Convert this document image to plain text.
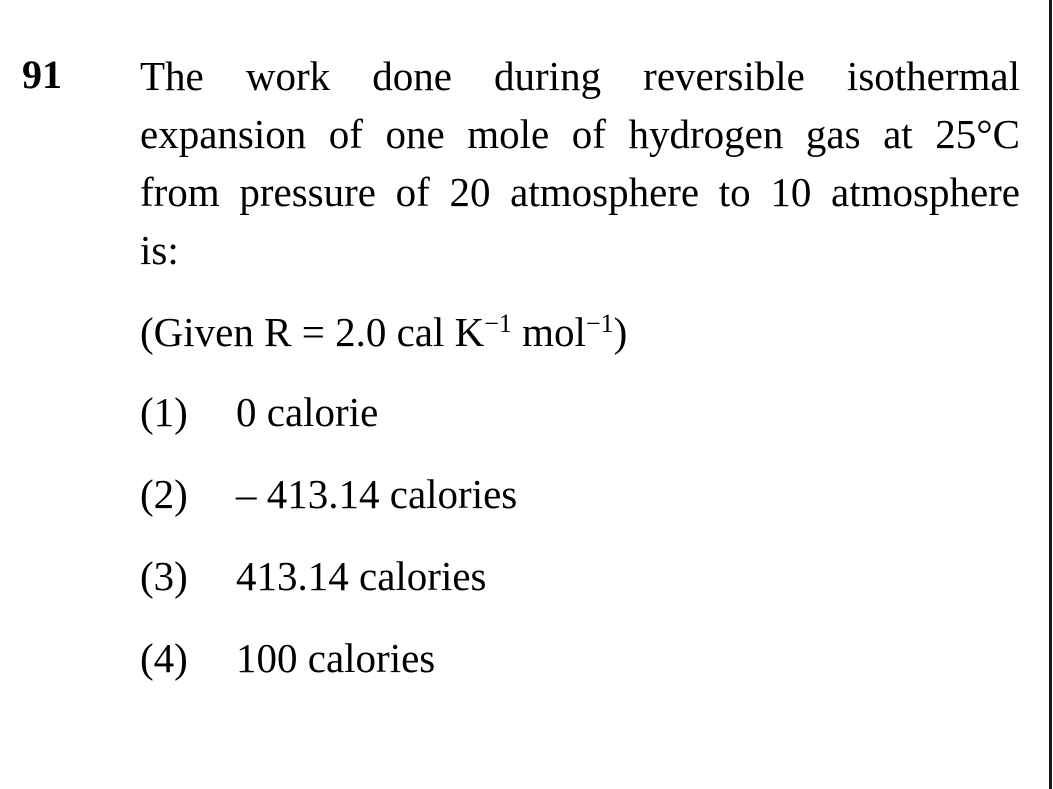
91 The work done during reversible isothermal
expansion of one mole of hydrogen gas at 25°C
from pressure of 20 atmosphere to 10 atmosphere
is:
(Given R = 2.0 cal $K^{-1}$ mol$^{-1}$)
(1) 0 calorie
(2) – 413.14 calories
(3) 413.14 calories
(4) 100 calories
